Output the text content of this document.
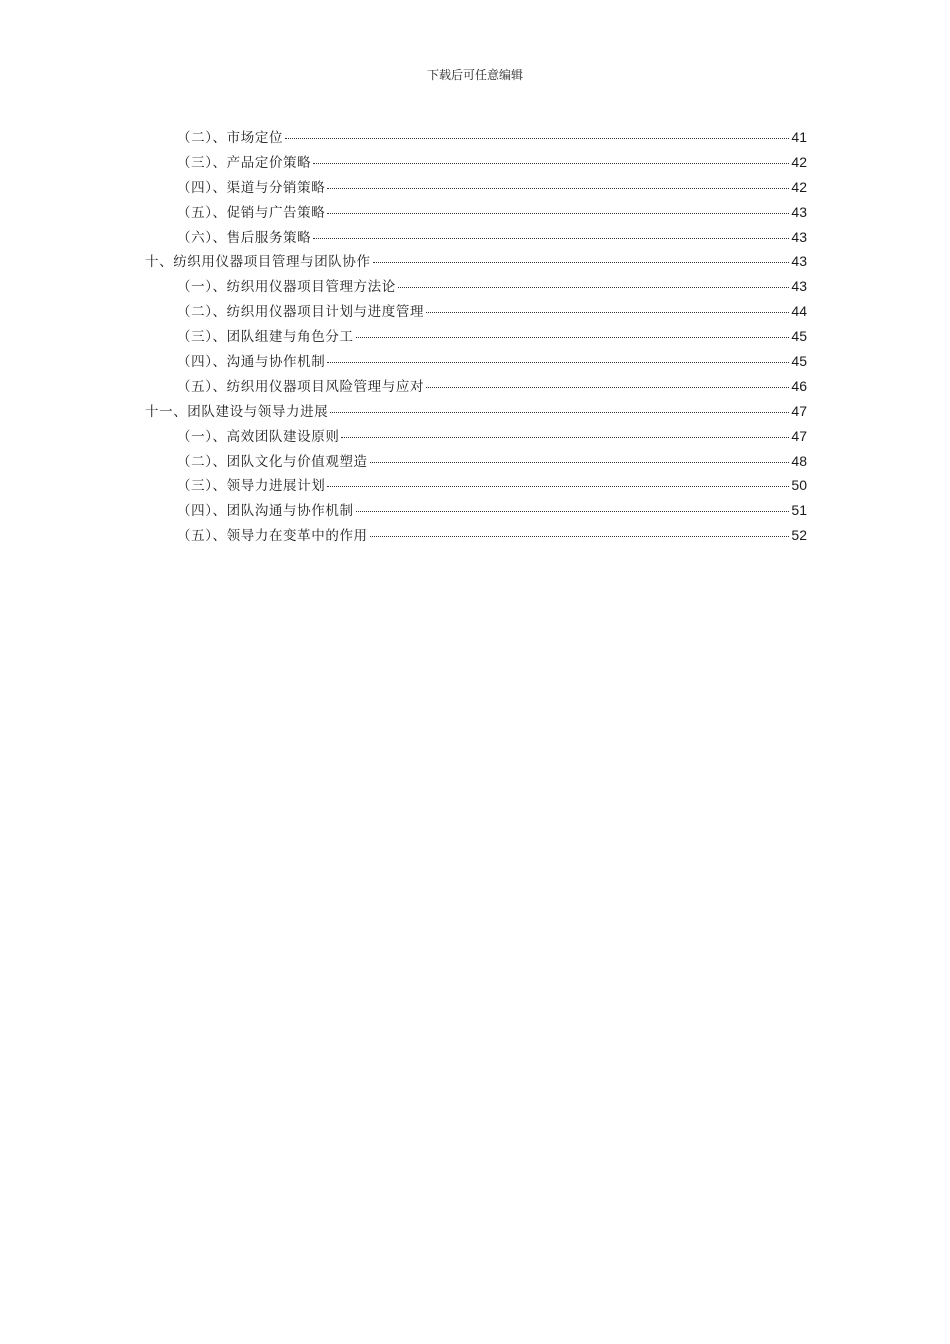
下载后可任意编辑
（二）、市场定位	41
（三）、产品定价策略	42
（四）、渠道与分销策略	42
（五）、促销与广告策略	43
（六）、售后服务策略	43
十、纺织用仪器项目管理与团队协作	43
（一）、纺织用仪器项目管理方法论	43
（二）、纺织用仪器项目计划与进度管理	44
（三）、团队组建与角色分工	45
（四）、沟通与协作机制	45
（五）、纺织用仪器项目风险管理与应对	46
十一、团队建设与领导力进展	47
（一）、高效团队建设原则	47
（二）、团队文化与价值观塑造	48
（三）、领导力进展计划	50
（四）、团队沟通与协作机制	51
（五）、领导力在变革中的作用	52
